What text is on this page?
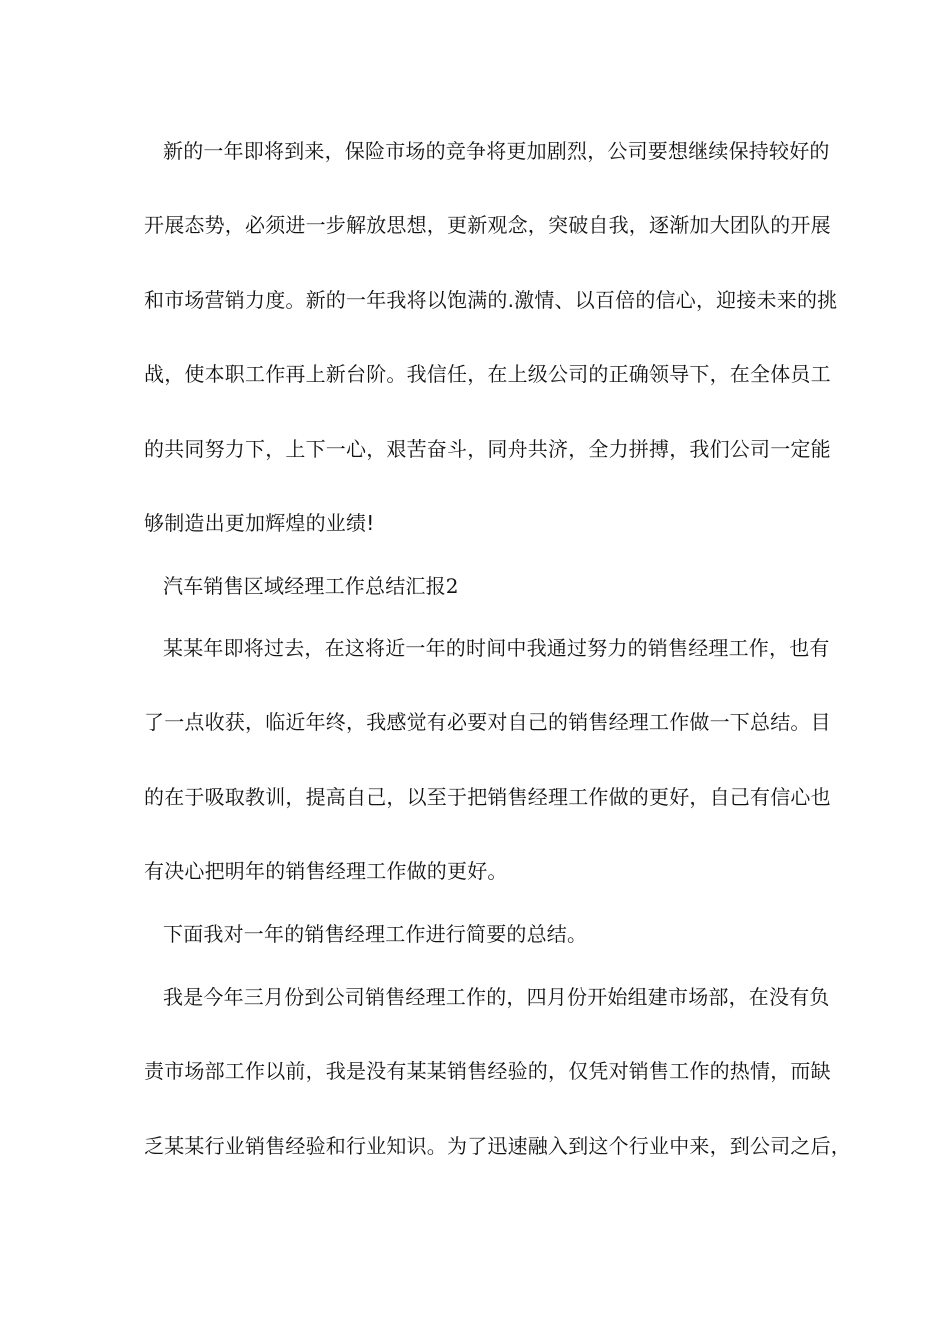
新的一年即将到来，保险市场的竞争将更加剧烈，公司要想继续保持较好的
开展态势，必须进一步解放思想，更新观念，突破自我，逐渐加大团队的开展
和市场营销力度。新的一年我将以饱满的.激情、以百倍的信心，迎接未来的挑
战，使本职工作再上新台阶。我信任，在上级公司的正确领导下，在全体员工
的共同努力下，上下一心，艰苦奋斗，同舟共济，全力拼搏，我们公司一定能
够制造出更加辉煌的业绩!
汽车销售区域经理工作总结汇报2
某某年即将过去，在这将近一年的时间中我通过努力的销售经理工作，也有
了一点收获，临近年终，我感觉有必要对自己的销售经理工作做一下总结。目
的在于吸取教训，提高自己，以至于把销售经理工作做的更好，自己有信心也
有决心把明年的销售经理工作做的更好。
下面我对一年的销售经理工作进行简要的总结。
我是今年三月份到公司销售经理工作的，四月份开始组建市场部，在没有负
责市场部工作以前，我是没有某某销售经验的，仅凭对销售工作的热情，而缺
乏某某行业销售经验和行业知识。为了迅速融入到这个行业中来，到公司之后，
